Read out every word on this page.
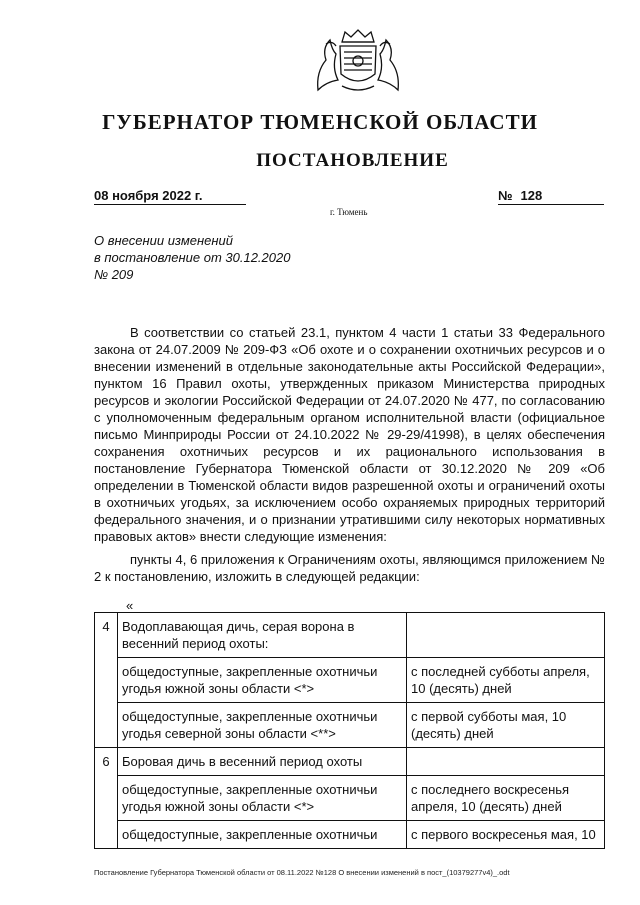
ГУБЕРНАТОР ТЮМЕНСКОЙ ОБЛАСТИ
ПОСТАНОВЛЕНИЕ
08 ноября 2022 г.	№ 128
г. Тюмень
О внесении изменений
в постановление от 30.12.2020
№ 209

В соответствии со статьей 23.1, пунктом 4 части 1 статьи 33 Федерального закона от 24.07.2009 № 209-ФЗ «Об охоте и о сохранении охотничьих ресурсов и о внесении изменений в отдельные законодательные акты Российской Федерации», пунктом 16 Правил охоты, утвержденных приказом Министерства природных ресурсов и экологии Российской Федерации от 24.07.2020 № 477, по согласованию с уполномоченным федеральным органом исполнительной власти (официальное письмо Минприроды России от 24.10.2022 № 29-29/41998), в целях обеспечения сохранения охотничьих ресурсов и их рационального использования в постановление Губернатора Тюменской области от 30.12.2020 № 209 «Об определении в Тюменской области видов разрешенной охоты и ограничений охоты в охотничьих угодьях, за исключением особо охраняемых природных территорий федерального значения, и о признании утратившими силу некоторых нормативных правовых актов» внести следующие изменения:

пункты 4, 6 приложения к Ограничениям охоты, являющимся приложением № 2 к постановлению, изложить в следующей редакции:

«
4	Водоплавающая дичь, серая ворона в весенний период охоты:	
	общедоступные, закрепленные охотничьи угодья южной зоны области <*>	с последней субботы апреля, 10 (десять) дней
	общедоступные, закрепленные охотничьи угодья северной зоны области <**>	с первой субботы мая, 10 (десять) дней
6	Боровая дичь в весенний период охоты	
	общедоступные, закрепленные охотничьи угодья южной зоны области <*>	с последнего воскресенья апреля, 10 (десять) дней
	общедоступные, закрепленные охотничьи	с первого воскресенья мая, 10
Постановление Губернатора Тюменской области от 08.11.2022 №128 О внесении изменений в пост_(10379277v4)_.odt
